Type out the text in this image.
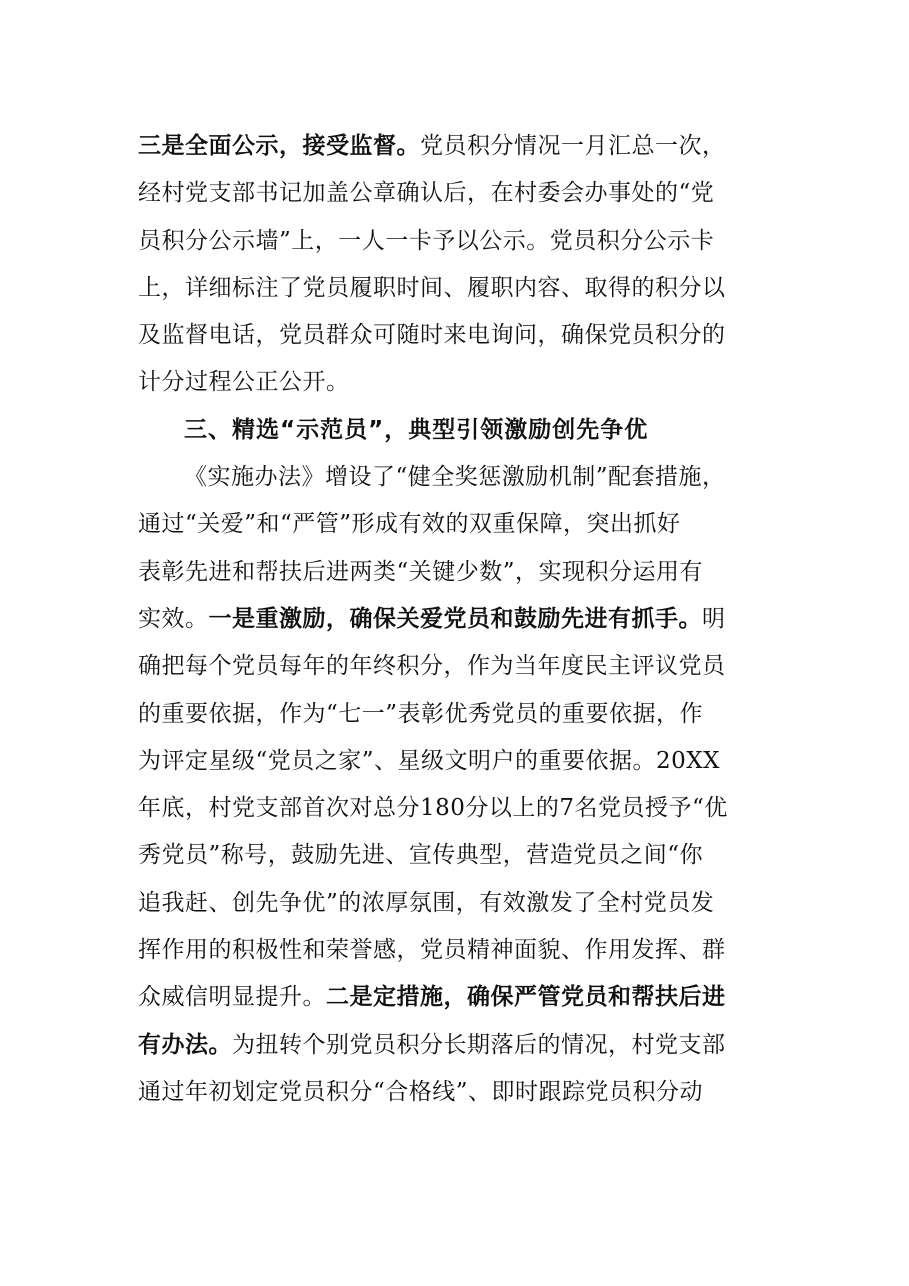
三是全面公示，接受监督。党员积分情况一月汇总一次，
经村党支部书记加盖公章确认后，在村委会办事处的“党
员积分公示墙”上，一人一卡予以公示。党员积分公示卡
上，详细标注了党员履职时间、履职内容、取得的积分以
及监督电话，党员群众可随时来电询问，确保党员积分的
计分过程公正公开。
三、精选“示范员”，典型引领激励创先争优
《实施办法》增设了“健全奖惩激励机制”配套措施，
通过“关爱”和“严管”形成有效的双重保障，突出抓好
表彰先进和帮扶后进两类“关键少数”，实现积分运用有
实效。一是重激励，确保关爱党员和鼓励先进有抓手。明
确把每个党员每年的年终积分，作为当年度民主评议党员
的重要依据，作为“七一”表彰优秀党员的重要依据，作
为评定星级“党员之家”、星级文明户的重要依据。20XX
年底，村党支部首次对总分180分以上的7名党员授予“优
秀党员”称号，鼓励先进、宣传典型，营造党员之间“你
追我赶、创先争优”的浓厚氛围，有效激发了全村党员发
挥作用的积极性和荣誉感，党员精神面貌、作用发挥、群
众威信明显提升。二是定措施，确保严管党员和帮扶后进
有办法。为扭转个别党员积分长期落后的情况，村党支部
通过年初划定党员积分“合格线”、即时跟踪党员积分动
